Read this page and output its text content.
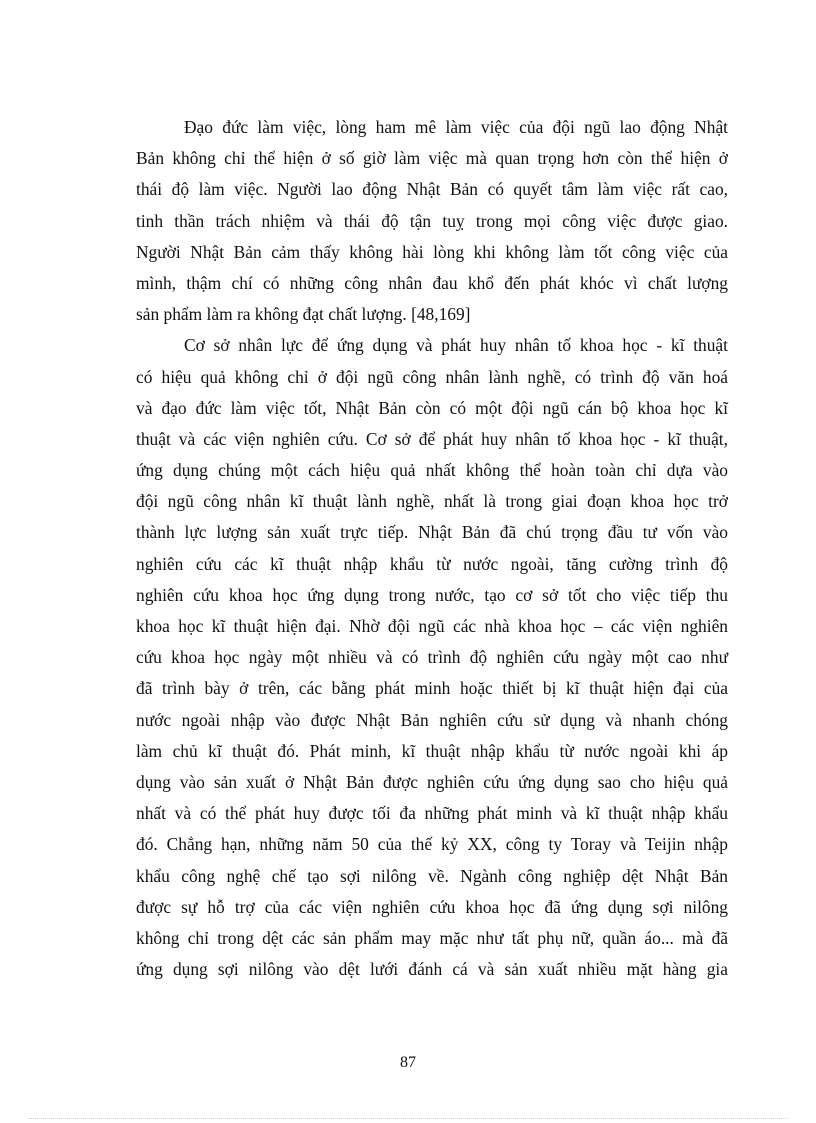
Đạo đức làm việc, lòng ham mê làm việc của đội ngũ lao động Nhật
Bản không chỉ thể hiện ở số giờ làm việc mà quan trọng hơn còn thể hiện ở
thái độ làm việc. Người lao động Nhật Bản có quyết tâm làm việc rất cao,
tinh thần trách nhiệm và thái độ tận tuỵ trong mọi công việc được giao.
Người Nhật Bản cảm thấy không hài lòng khi không làm tốt công việc của
mình, thậm chí có những công nhân đau khổ đến phát khóc vì chất lượng
sản phẩm làm ra không đạt chất lượng. [48,169]
Cơ sở nhân lực để ứng dụng và phát huy nhân tố khoa học - kĩ thuật
có hiệu quả không chỉ ở đội ngũ công nhân lành nghề, có trình độ văn hoá
và đạo đức làm việc tốt, Nhật Bản còn có một đội ngũ cán bộ khoa học kĩ
thuật và các viện nghiên cứu. Cơ sở để phát huy nhân tố khoa học - kĩ thuật,
ứng dụng chúng một cách hiệu quả nhất không thể hoàn toàn chỉ dựa vào
đội ngũ công nhân kĩ thuật lành nghề, nhất là trong giai đoạn khoa học trở
thành lực lượng sản xuất trực tiếp. Nhật Bản đã chú trọng đầu tư vốn vào
nghiên cứu các kĩ thuật nhập khẩu từ nước ngoài, tăng cường trình độ
nghiên cứu khoa học ứng dụng trong nước, tạo cơ sở tốt cho việc tiếp thu
khoa học kĩ thuật hiện đại. Nhờ đội ngũ các nhà khoa học – các viện nghiên
cứu khoa học ngày một nhiều và có trình độ nghiên cứu ngày một cao như
đã trình bày ở trên, các bằng phát minh hoặc thiết bị kĩ thuật hiện đại của
nước ngoài nhập vào được Nhật Bản nghiên cứu sử dụng và nhanh chóng
làm chủ kĩ thuật đó. Phát minh, kĩ thuật nhập khẩu từ nước ngoài khi áp
dụng vào sản xuất ở Nhật Bản được nghiên cứu ứng dụng sao cho hiệu quả
nhất và có thể phát huy được tối đa những phát minh và kĩ thuật nhập khẩu
đó. Chẳng hạn, những năm 50 của thế kỷ XX, công ty Toray và Teijin nhập
khẩu công nghệ chế tạo sợi nilông về. Ngành công nghiệp dệt Nhật Bản
được sự hỗ trợ của các viện nghiên cứu khoa học đã ứng dụng sợi nilông
không chỉ trong dệt các sản phẩm may mặc như tất phụ nữ, quần áo... mà đã
ứng dụng sợi nilông vào dệt lưới đánh cá và sản xuất nhiều mặt hàng gia
87
